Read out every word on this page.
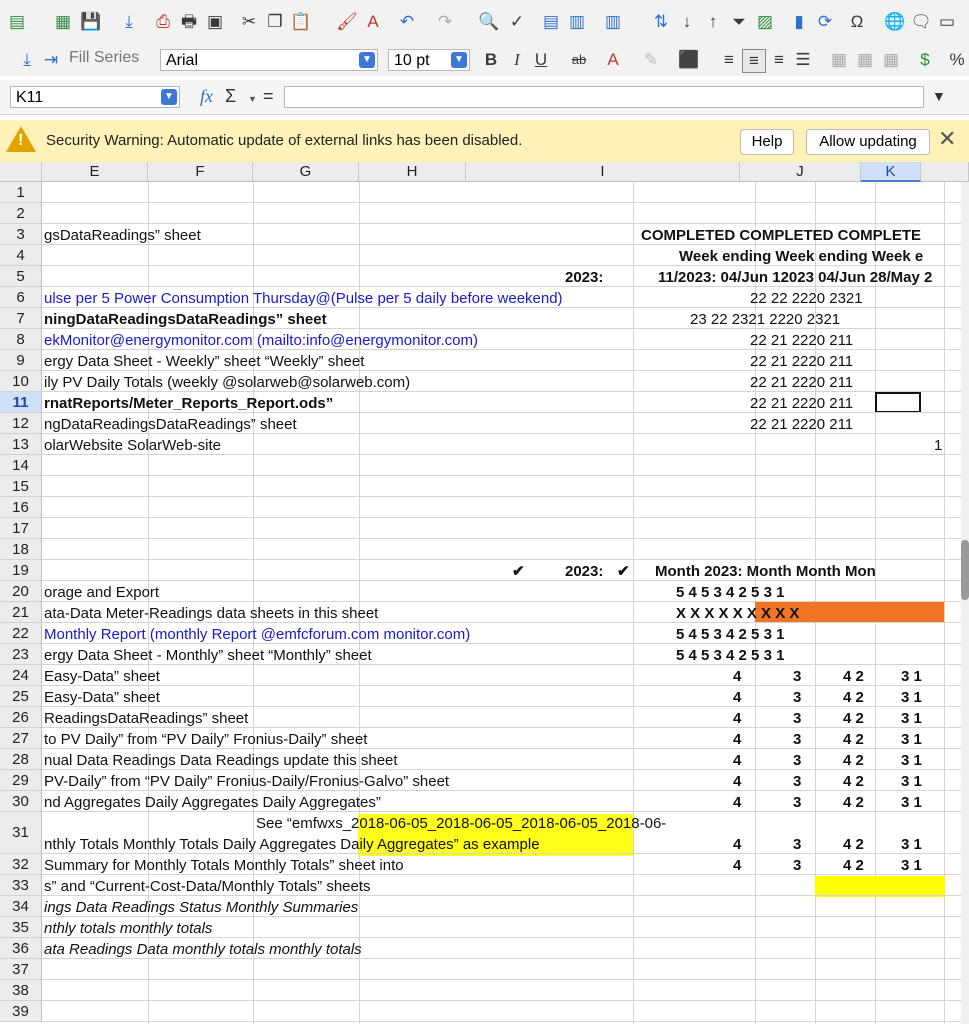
▤ ▦ 💾	⤓	⎙ 🖶 ▣ ✂ ❐ 📋 🖌 A	↶ ↷ 🔍 ✓ ▤ ▥ ▥ ⇅ ↓	↑ ⏷ ▨	▮ ⟳ Ω 🌐 🗨 ▭
⤓ ⇥ Fill Series	Arial	▼	10 pt	▼ B	I U	ab	A	✎ ⬛	≡ ≡ ≡ ☰ ▦ ▦ ▦	$	%
K11	▼ fx Σ ▼ =	▼
! Security Warning: Automatic update of external links has been disabled.	Help	Allow updating ✕
E	F	G	H	I	J	K
1
2
3
4
5
6
7
8
9
10
11
12
13
14
15
16
17
18
19
20
21
22
23
24
25
26
27
28
29
30
31
32
33
34
35
36
37
38
39
gsDataReadings” sheet	COMPLETED COMPLETED COMPLETE
Week ending Week ending Week e
2023:	11/2023: 04/Jun 12023 04/Jun 28/May 2
ulse per 5 Power Consumption Thursday@(Pulse per 5 daily before weekend)	22 22 2220 2321
ningDataReadingsDataReadings” sheet	23 22 2321 2220 2321
ekMonitor@energymonitor.com (mailto:info@energymonitor.com)	22 21 2220 211
ergy Data Sheet - Weekly” sheet “Weekly” sheet	22 21 2220 211
ily PV Daily Totals (weekly @solarweb@solarweb.com)	22 21 2220 211
rnatReports/Meter_Reports_Report.ods”	22 21 2220 211
ngDataReadingsDataReadings” sheet	22 21 2220 211
olarWebsite SolarWeb-site	1
✔	2023: ✔ Month 2023: Month Month Mon
orage and Export	5 4 5 3 4 2 5 3 1
ata-Data Meter-Readings data sheets in this sheet	X X X X X X X X X
Monthly Report (monthly Report @emfcforum.com monitor.com)	5 4 5 3 4 2 5 3 1
ergy Data Sheet - Monthly” sheet “Monthly” sheet	5 4 5 3 4 2 5 3 1
Easy-Data” sheet
Easy-Data” sheet
ReadingsDataReadings” sheet
to PV Daily” from “PV Daily” Fronius-Daily” sheet
nual Data Readings Data Readings update this sheet
PV-Daily” from “PV Daily” Fronius-Daily/Fronius-Galvo” sheet
nd Aggregates Daily Aggregates Daily Aggregates”
4	3	4 2 3 1
4	3	4 2 3 1
4	3	4 2 3 1
4	3	4 2 3 1
4	3	4 2 3 1
4	3	4 2 3 1
4	3	4 2 3 1
4	3	4 2 3 1
4	3	4 2 3 1
See “emfwxs_2018-06-05_2018-06-05_2018-06-05_2018-06-
nthly Totals Monthly Totals Daily Aggregates Daily Aggregates” as example
Summary for Monthly Totals Monthly Totals” sheet into
s” and “Current-Cost-Data/Monthly Totals” sheets
ings Data Readings Status Monthly Summaries
nthly totals monthly totals
ata Readings Data monthly totals monthly totals
